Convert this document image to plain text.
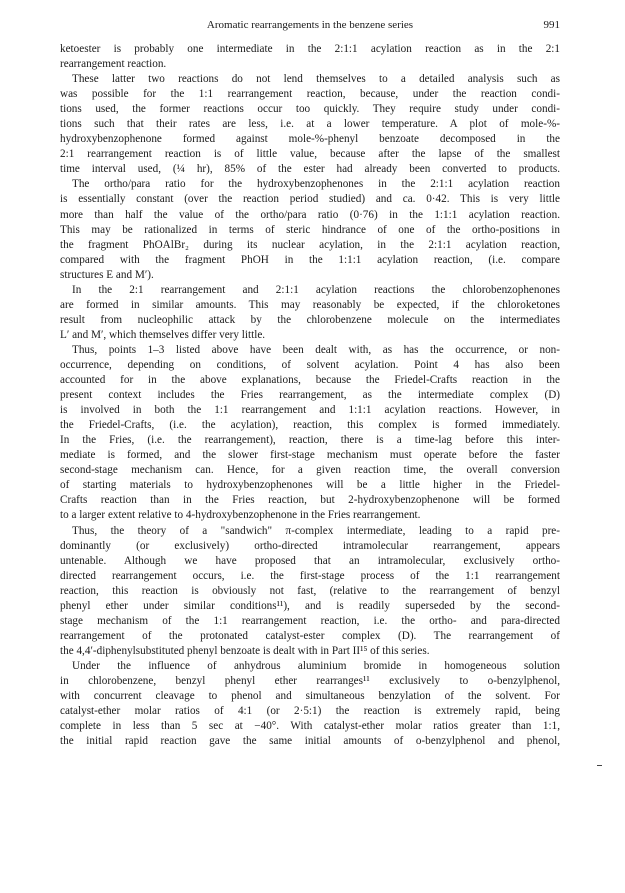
Aromatic rearrangements in the benzene series	991
ketoester is probably one intermediate in the 2:1:1 acylation reaction as in the 2:1
rearrangement reaction.
These latter two reactions do not lend themselves to a detailed analysis such as
was possible for the 1:1 rearrangement reaction, because, under the reaction condi-
tions used, the former reactions occur too quickly. They require study under condi-
tions such that their rates are less, i.e. at a lower temperature. A plot of mole-%-
hydroxybenzophenone formed against mole-%-phenyl benzoate decomposed in the
2:1 rearrangement reaction is of little value, because after the lapse of the smallest
time interval used, (¼ hr), 85% of the ester had already been converted to products.
The ortho/para ratio for the hydroxybenzophenones in the 2:1:1 acylation reaction
is essentially constant (over the reaction period studied) and ca. 0·42. This is very little
more than half the value of the ortho/para ratio (0·76) in the 1:1:1 acylation reaction.
This may be rationalized in terms of steric hindrance of one of the ortho-positions in
the fragment PhOAlBr₂ during its nuclear acylation, in the 2:1:1 acylation reaction,
compared with the fragment PhOH in the 1:1:1 acylation reaction, (i.e. compare
structures E and M′).
In the 2:1 rearrangement and 2:1:1 acylation reactions the chlorobenzophenones
are formed in similar amounts. This may reasonably be expected, if the chloroketones
result from nucleophilic attack by the chlorobenzene molecule on the intermediates
L′ and M′, which themselves differ very little.
Thus, points 1–3 listed above have been dealt with, as has the occurrence, or non-
occurrence, depending on conditions, of solvent acylation. Point 4 has also been
accounted for in the above explanations, because the Friedel-Crafts reaction in the
present context includes the Fries rearrangement, as the intermediate complex (D)
is involved in both the 1:1 rearrangement and 1:1:1 acylation reactions. However, in
the Friedel-Crafts, (i.e. the acylation), reaction, this complex is formed immediately.
In the Fries, (i.e. the rearrangement), reaction, there is a time-lag before this inter-
mediate is formed, and the slower first-stage mechanism must operate before the faster
second-stage mechanism can. Hence, for a given reaction time, the overall conversion
of starting materials to hydroxybenzophenones will be a little higher in the Friedel-
Crafts reaction than in the Fries reaction, but 2-hydroxybenzophenone will be formed
to a larger extent relative to 4-hydroxybenzophenone in the Fries rearrangement.
Thus, the theory of a "sandwich" π-complex intermediate, leading to a rapid pre-
dominantly (or exclusively) ortho-directed intramolecular rearrangement, appears
untenable. Although we have proposed that an intramolecular, exclusively ortho-
directed rearrangement occurs, i.e. the first-stage process of the 1:1 rearrangement
reaction, this reaction is obviously not fast, (relative to the rearrangement of benzyl
phenyl ether under similar conditions¹¹), and is readily superseded by the second-
stage mechanism of the 1:1 rearrangement reaction, i.e. the ortho- and para-directed
rearrangement of the protonated catalyst-ester complex (D). The rearrangement of
the 4,4′-diphenylsubstituted phenyl benzoate is dealt with in Part II¹⁵ of this series.
Under the influence of anhydrous aluminium bromide in homogeneous solution
in chlorobenzene, benzyl phenyl ether rearranges¹¹ exclusively to o-benzylphenol,
with concurrent cleavage to phenol and simultaneous benzylation of the solvent. For
catalyst-ether molar ratios of 4:1 (or 2·5:1) the reaction is extremely rapid, being
complete in less than 5 sec at −40°. With catalyst-ether molar ratios greater than 1:1,
the initial rapid reaction gave the same initial amounts of o-benzylphenol and phenol,
